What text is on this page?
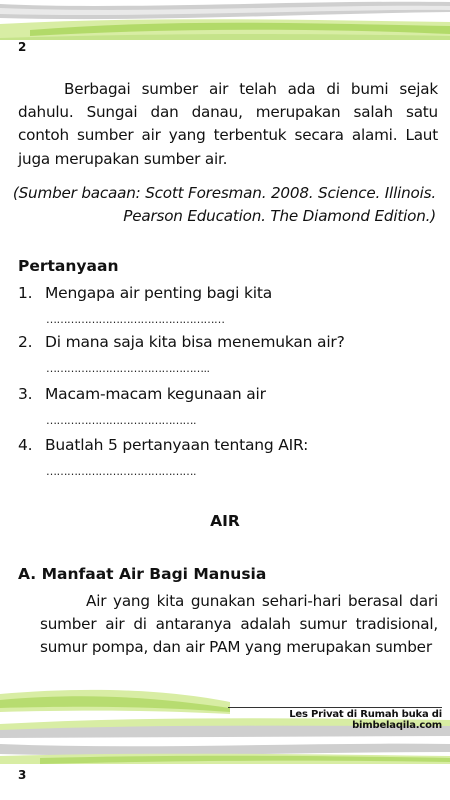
2
Berbagai sumber air telah ada di bumi sejak dahulu. Sungai dan danau, merupakan salah satu contoh sumber air yang terbentuk secara alami. Laut juga merupakan sumber air.
(Sumber bacaan: Scott Foresman. 2008. Science. Illinois. Pearson Education. The Diamond Edition.)
Pertanyaan
1. Mengapa air penting bagi kita
……………………………………………
2. Di mana saja kita bisa menemukan air?
………………………………………..
3. Macam-macam kegunaan air
…………………………………….
4. Buatlah 5 pertanyaan tentang AIR:
…………………………………….
AIR
A. Manfaat Air Bagi Manusia
Air yang kita gunakan sehari-hari berasal dari sumber air di antaranya adalah sumur tradisional, sumur pompa, dan air PAM yang merupakan sumber
Les Privat di Rumah buka di bimbelaqila.com
3
